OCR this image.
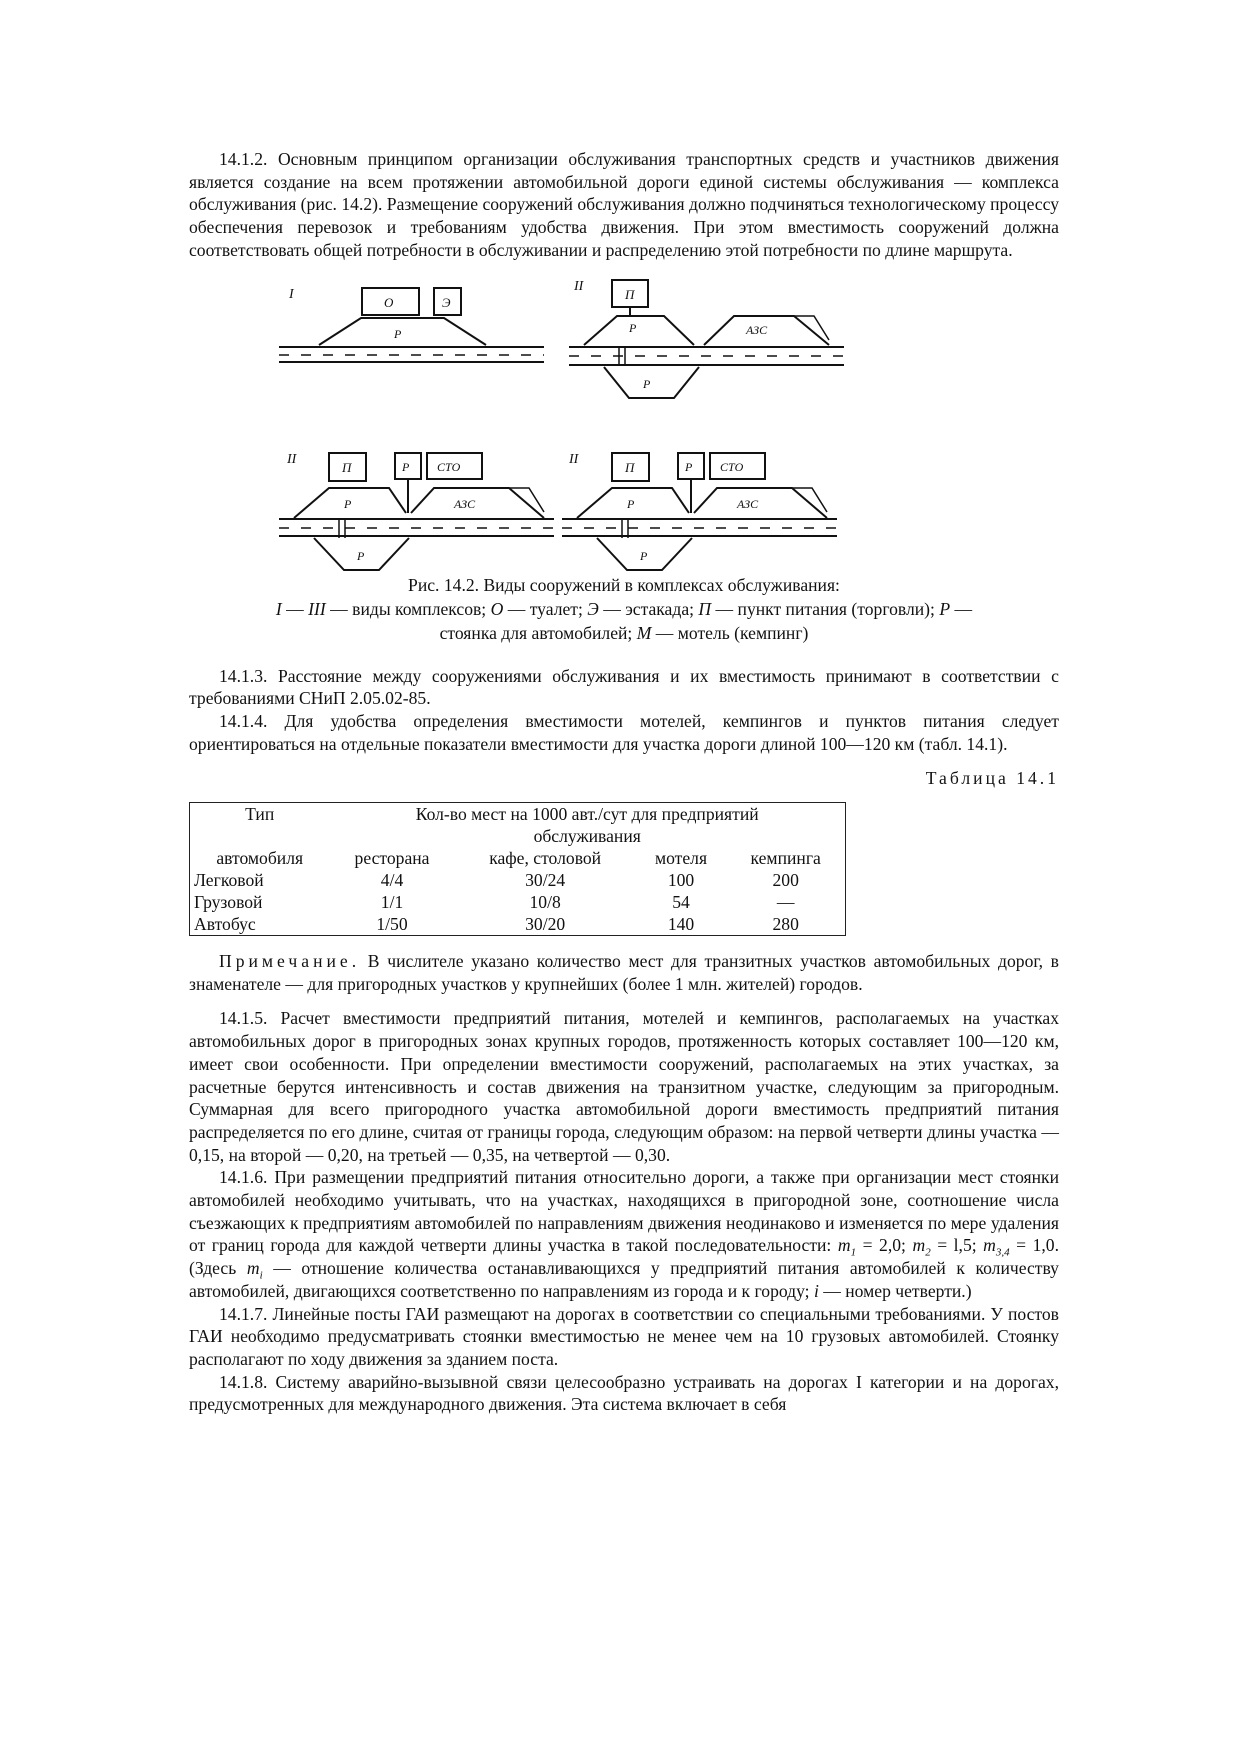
14.1.2. Основным принципом организации обслуживания транспортных средств и участников движения является создание на всем протяжении автомобильной дороги единой системы обслуживания — комплекса обслуживания (рис. 14.2). Размещение сооружений обслуживания должно подчиняться технологическому процессу обеспечения перевозок и требованиям удобства движения. При этом вместимость сооружений должна соответствовать общей потребности в обслуживании и распределению этой потребности по длине маршрута.

I
О	Э
Р
II
П
Р	АЗС
Р
II
П	Р СТО
Р	АЗС
Р
II
П	Р СТО
Р	АЗС
Р
Рис. 14.2. Виды сооружений в комплексах обслуживания:
I — III — виды комплексов; О — туалет; Э — эстакада; П — пункт питания (торговли); Р —
стоянка для автомобилей; М — мотель (кемпинг)

14.1.3. Расстояние между сооружениями обслуживания и их вместимость принимают в соответствии с требованиями СНиП 2.05.02-85.

14.1.4. Для удобства определения вместимости мотелей, кемпингов и пунктов питания следует ориентироваться на отдельные показатели вместимости для участка дороги длиной 100—120 км (табл. 14.1).

Таблица 14.1
Тип	Кол-во мест на 1000 авт./сут для предприятий
обслуживания			
автомобиля	ресторана	кафе, столовой	мотеля	кемпинга
Легковой	4/4	30/24	100	200
Грузовой	1/1	10/8	54	—
Автобус	1/50	30/20	140	280

Примечание. В числителе указано количество мест для транзитных участков автомобильных дорог, в знаменателе — для пригородных участков у крупнейших (более 1 млн. жителей) городов.

14.1.5. Расчет вместимости предприятий питания, мотелей и кемпингов, располагаемых на участках автомобильных дорог в пригородных зонах крупных городов, протяженность которых составляет 100—120 км, имеет свои особенности. При определении вместимости сооружений, располагаемых на этих участках, за расчетные берутся интенсивность и состав движения на транзитном участке, следующим за пригородным. Суммарная для всего пригородного участка автомобильной дороги вместимость предприятий питания распределяется по его длине, считая от границы города, следующим образом: на первой четверти длины участка — 0,15, на второй — 0,20, на третьей — 0,35, на четвертой — 0,30.

14.1.6. При размещении предприятий питания относительно дороги, а также при организации мест стоянки автомобилей необходимо учитывать, что на участках, находящихся в пригородной зоне, соотношение числа съезжающих к предприятиям автомобилей по направлениям движения неодинаково и изменяется по мере удаления от границ города для каждой четверти длины участка в такой последовательности: $m_1 = 2,0$; $m_2 = l,5$; $m_{3,4} = 1,0$. (Здесь $m_i$ — отношение количества останавливающихся у предприятий питания автомобилей к количеству автомобилей, двигающихся соответственно по направлениям из города и к городу; i — номер четверти.)

14.1.7. Линейные посты ГАИ размещают на дорогах в соответствии со специальными требованиями. У постов ГАИ необходимо предусматривать стоянки вместимостью не менее чем на 10 грузовых автомобилей. Стоянку располагают по ходу движения за зданием поста.

14.1.8. Систему аварийно-вызывной связи целесообразно устраивать на дорогах I категории и на дорогах, предусмотренных для международного движения. Эта система включает в себя
